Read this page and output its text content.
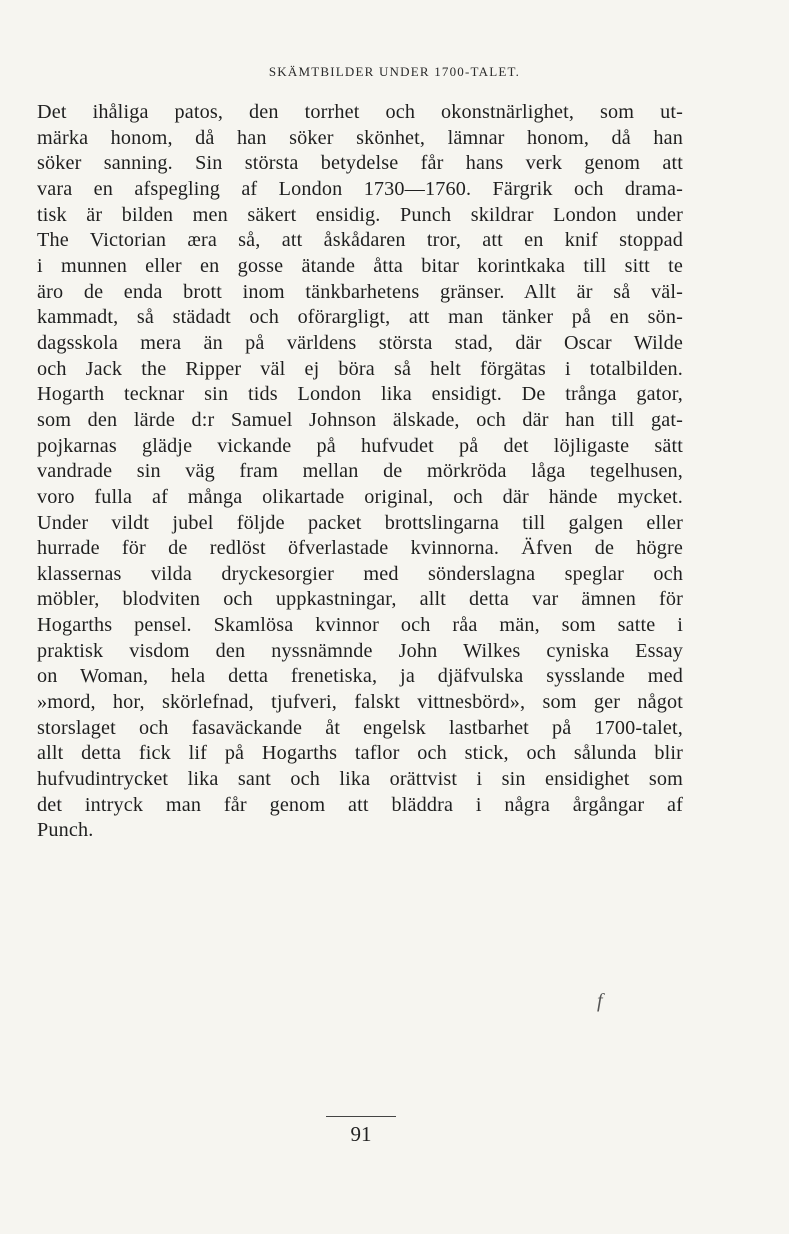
SKÄMTBILDER UNDER 1700-TALET.
Det ihåliga patos, den torrhet och okonstnärlighet, som ut-
märka honom, då han söker skönhet, lämnar honom, då han
söker sanning. Sin största betydelse får hans verk genom att
vara en afspegling af London 1730—1760. Färgrik och drama-
tisk är bilden men säkert ensidig. Punch skildrar London under
The Victorian æra så, att åskådaren tror, att en knif stoppad
i munnen eller en gosse ätande åtta bitar korintkaka till sitt te
äro de enda brott inom tänkbarhetens gränser. Allt är så väl-
kammadt, så städadt och oförargligt, att man tänker på en sön-
dagsskola mera än på världens största stad, där Oscar Wilde
och Jack the Ripper väl ej böra så helt förgätas i totalbilden.
Hogarth tecknar sin tids London lika ensidigt. De trånga gator,
som den lärde d:r Samuel Johnson älskade, och där han till gat-
pojkarnas glädje vickande på hufvudet på det löjligaste sätt
vandrade sin väg fram mellan de mörkröda låga tegelhusen,
voro fulla af många olikartade original, och där hände mycket.
Under vildt jubel följde packet brottslingarna till galgen eller
hurrade för de redlöst öfverlastade kvinnorna. Äfven de högre
klassernas vilda dryckesorgier med sönderslagna speglar och
möbler, blodviten och uppkastningar, allt detta var ämnen för
Hogarths pensel. Skamlösa kvinnor och råa män, som satte i
praktisk visdom den nyssnämnde John Wilkes cyniska Essay
on Woman, hela detta frenetiska, ja djäfvulska sysslande med
»mord, hor, skörlefnad, tjufveri, falskt vittnesbörd», som ger något
storslaget och fasaväckande åt engelsk lastbarhet på 1700-talet,
allt detta fick lif på Hogarths taflor och stick, och sålunda blir
hufvudintrycket lika sant och lika orättvist i sin ensidighet som
det intryck man får genom att bläddra i några årgångar af
Punch.
f
91
